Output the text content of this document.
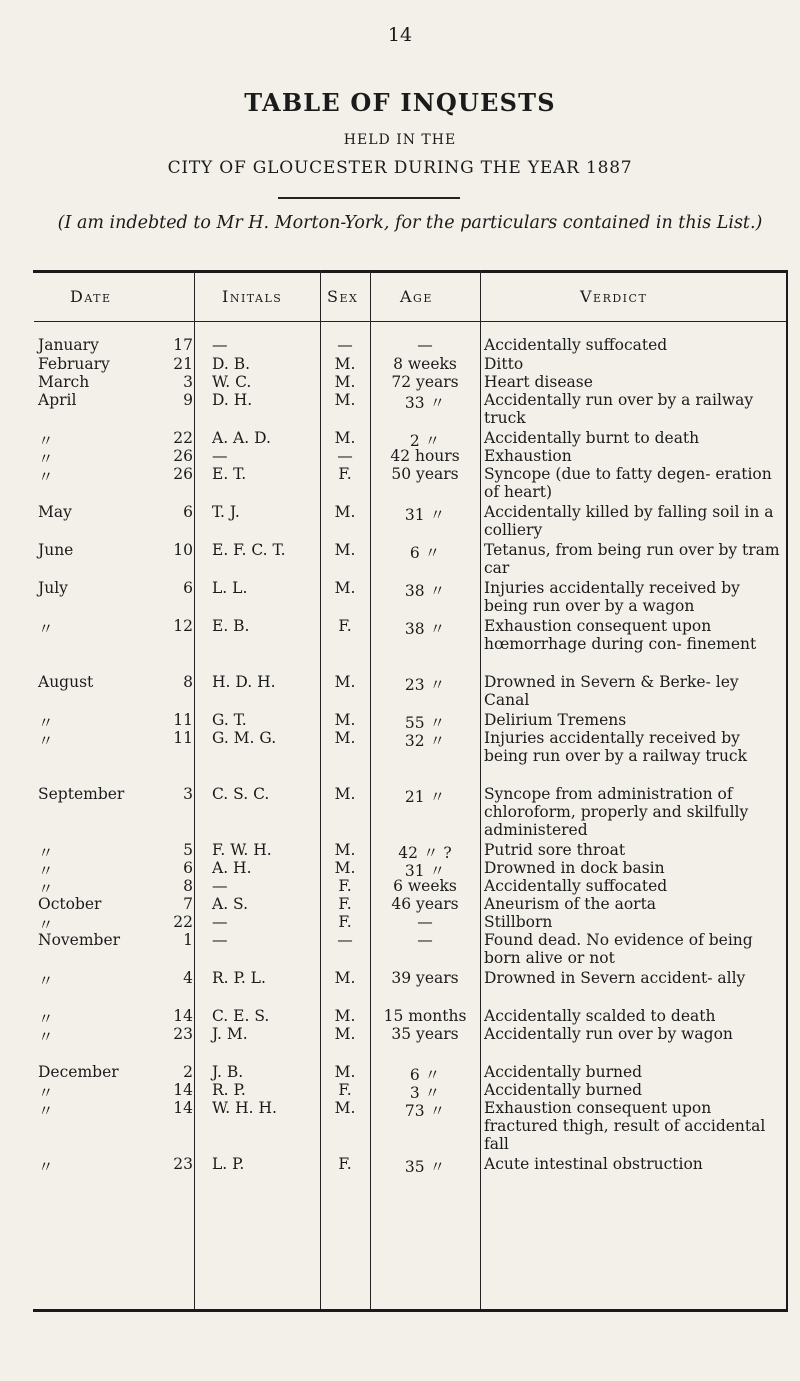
14
TABLE OF INQUESTS
HELD IN THE
CITY OF GLOUCESTER DURING THE YEAR 1887
(I am indebted to Mr H. Morton-York, for the particulars contained in this List.)
Date	Initals	Sex	Age	Verdict
January	17 —	—	—	Accidentally suffocated
February	21 D. B.	M.	8 weeks	Ditto
March	3 W. C.	M.	72 years	Heart disease
April	9 D. H.	M.	33 〃	Accidentally run over by a railway truck
〃	22 A. A. D.	M.	2 〃	Accidentally burnt to death
〃	26 —	—	42 hours	Exhaustion
〃	26 E. T.	F.	50 years	Syncope (due to fatty degen- eration of heart)
May	6 T. J.	M.	31 〃	Accidentally killed by falling soil in a colliery
June	10 E. F. C. T.	M.	6 〃	Tetanus, from being run over by tram car
July	6 L. L.	M.	38 〃	Injuries accidentally received by being run over by a wagon
〃	12 E. B.	F.	38 〃	Exhaustion consequent upon hœmorrhage during con- finement
August	8 H. D. H.	M.	23 〃	Drowned in Severn & Berke- ley Canal
〃	11 G. T.	M.	55 〃	Delirium Tremens
〃	11 G. M. G.	M.	32 〃	Injuries accidentally received by being run over by a railway truck
September	3 C. S. C.	M.	21 〃	Syncope from administration of chloroform, properly and skilfully administered
〃	5 F. W. H.	M.	42 〃 ?	Putrid sore throat
〃	6 A. H.	M.	31 〃	Drowned in dock basin
〃	8 —	F.	6 weeks	Accidentally suffocated
October	7 A. S.	F.	46 years	Aneurism of the aorta
〃	22 —	F.	—	Stillborn
November	1 —	—	—	Found dead. No evidence of being born alive or not
〃	4 R. P. L.	M.	39 years	Drowned in Severn accident- ally
〃	14 C. E. S.	M.	15 months	Accidentally scalded to death
〃	23 J. M.	M.	35 years	Accidentally run over by wagon
December	2 J. B.	M.	6 〃	Accidentally burned
〃	14 R. P.	F.	3 〃	Accidentally burned
〃	14 W. H. H.	M.	73 〃	Exhaustion consequent upon fractured thigh, result of accidental fall
〃	23 L. P.	F.	35 〃	Acute intestinal obstruction
